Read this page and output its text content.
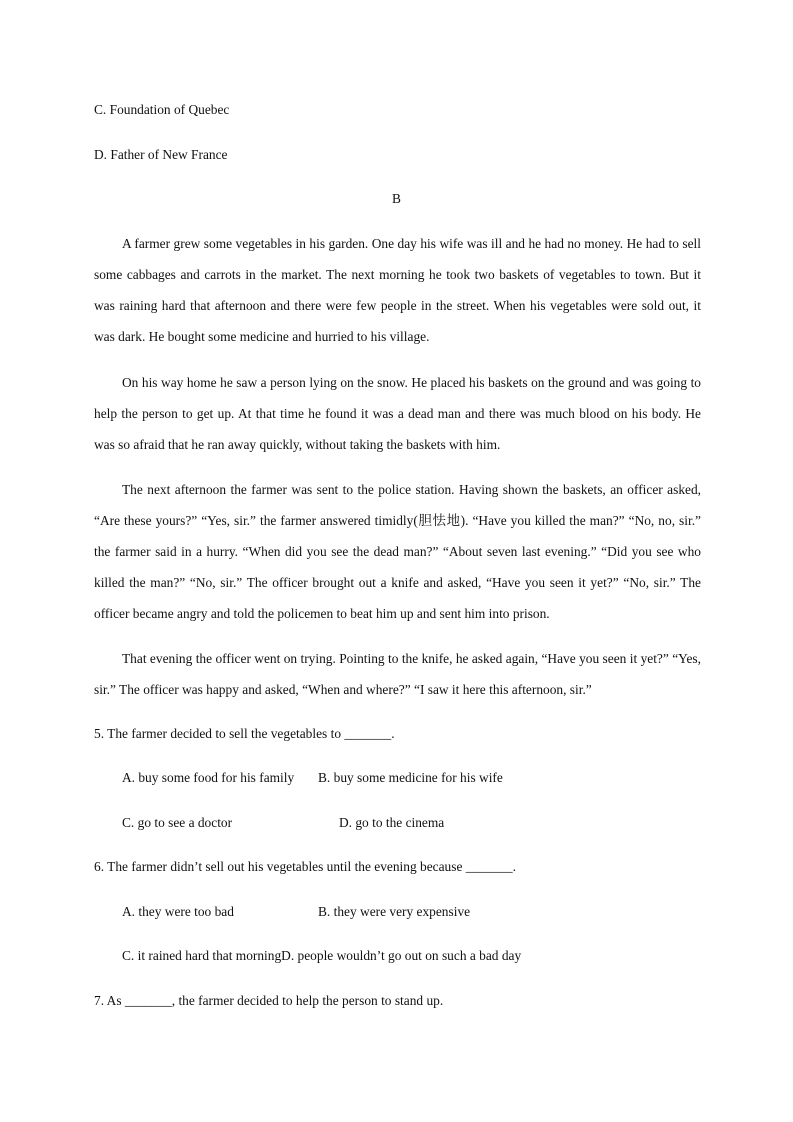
C. Foundation of Quebec
D. Father of New France
B

A farmer grew some vegetables in his garden. One day his wife was ill and he had no money. He had to sell some cabbages and carrots in the market. The next morning he took two baskets of vegetables to town. But it was raining hard that afternoon and there were few people in the street. When his vegetables were sold out, it was dark. He bought some medicine and hurried to his village.

On his way home he saw a person lying on the snow. He placed his baskets on the ground and was going to help the person to get up. At that time he found it was a dead man and there was much blood on his body. He was so afraid that he ran away quickly, without taking the baskets with him.

The next afternoon the farmer was sent to the police station. Having shown the baskets, an officer asked, “Are these yours?” “Yes, sir.” the farmer answered timidly(胆怯地). “Have you killed the man?” “No, no, sir.” the farmer said in a hurry. “When did you see the dead man?” “About seven last evening.” “Did you see who killed the man?” “No, sir.” The officer brought out a knife and asked, “Have you seen it yet?” “No, sir.” The officer became angry and told the policemen to beat him up and sent him into prison.

That evening the officer went on trying. Pointing to the knife, he asked again, “Have you seen it yet?” “Yes, sir.” The officer was happy and asked, “When and where?” “I saw it here this afternoon, sir.”

5. The farmer decided to sell the vegetables to _______.
A. buy some food for his family B. buy some medicine for his wife
C. go to see a doctor	D. go to the cinema
6. The farmer didn’t sell out his vegetables until the evening because _______.
A. they were too bad	B. they were very expensive
C. it rained hard that morningD. people wouldn’t go out on such a bad day
7. As _______, the farmer decided to help the person to stand up.
